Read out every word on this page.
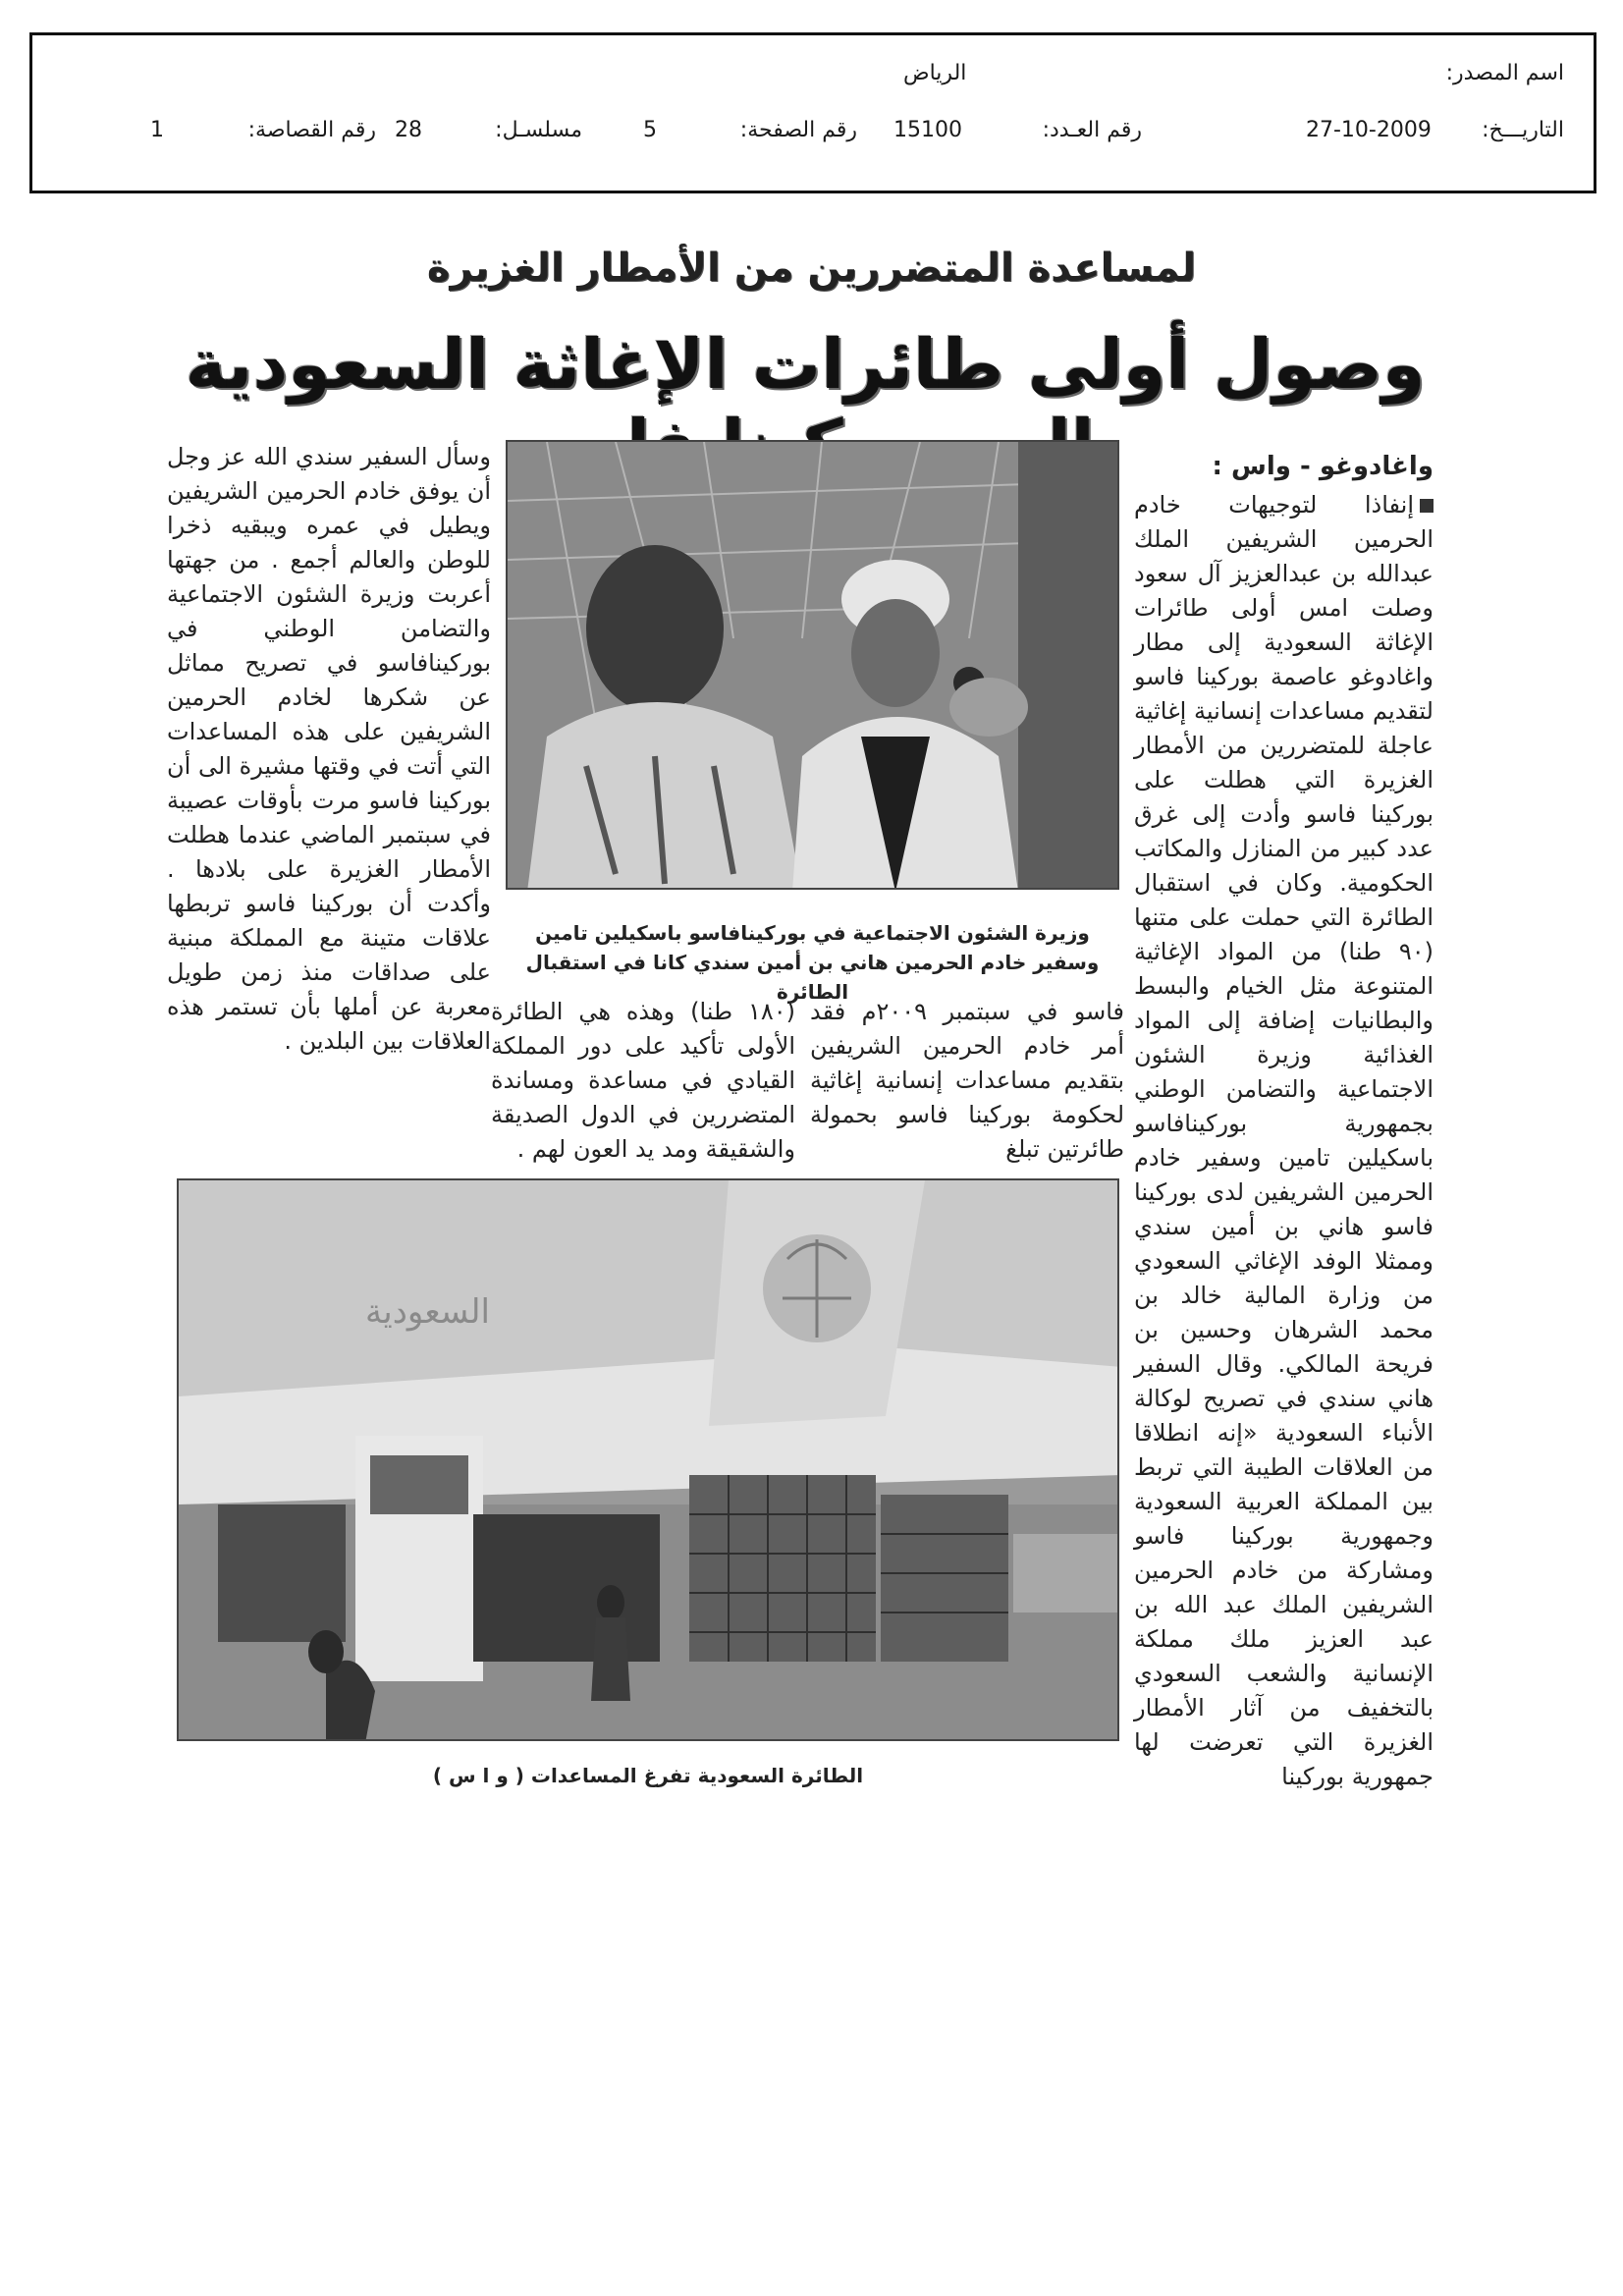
اسم المصدر:
الرياض
التاريـــخ:
27-10-2009
رقم العـدد:
15100
رقم الصفحة:
5
مسلسـل:
28
رقم القصاصة:
1
لمساعدة المتضررين من الأمطار الغزيرة
وصول أولى طائرات الإغاثة السعودية
واغادوغو - واس :
إنفاذا لتوجيهات خادم الحرمين الشريفين الملك عبدالله بن عبدالعزيز آل سعود وصلت امس أولى طائرات الإغاثة السعودية إلى مطار واغادوغو عاصمة بوركينا فاسو لتقديم مساعدات إنسانية إغاثية عاجلة للمتضررين من الأمطار الغزيرة التي هطلت على بوركينا فاسو وأدت إلى غرق عدد كبير من المنازل والمكاتب الحكومية. وكان في استقبال الطائرة التي حملت على متنها (٩٠ طنا) من المواد الإغاثية المتنوعة مثل الخيام والبسط والبطانيات إضافة إلى المواد الغذائية وزيرة الشئون الاجتماعية والتضامن الوطني بجمهورية بوركينافاسو باسكيلين تامين وسفير خادم الحرمين الشريفين لدى بوركينا فاسو هاني بن أمين سندي وممثلا الوفد الإغاثي السعودي من وزارة المالية خالد بن محمد الشرهان وحسين بن فريحة المالكي. وقال السفير هاني سندي في تصريح لوكالة الأنباء السعودية «إنه انطلاقا من العلاقات الطيبة التي تربط بين المملكة العربية السعودية وجمهورية بوركينا فاسو ومشاركة من خادم الحرمين الشريفين الملك عبد الله بن عبد العزيز ملك مملكة الإنسانية والشعب السعودي بالتخفيف من آثار الأمطار الغزيرة التي تعرضت لها جمهورية بوركينا
وزيرة الشئون الاجتماعية في بوركينافاسو باسكيلين تامين وسفير خادم الحرمين هاني بن أمين سندي كانا في استقبال الطائرة
فاسو في سبتمبر ٢٠٠٩م فقد أمر خادم الحرمين الشريفين بتقديم مساعدات إنسانية إغاثية لحكومة بوركينا فاسو بحمولة طائرتين تبلغ
(١٨٠ طنا) وهذه هي الطائرة الأولى تأكيد على دور المملكة القيادي في مساعدة ومساندة المتضررين في الدول الصديقة والشقيقة ومد يد العون لهم .
وسأل السفير سندي الله عز وجل أن يوفق خادم الحرمين الشريفين ويطيل في عمره ويبقيه ذخرا للوطن والعالم أجمع . من جهتها أعربت وزيرة الشئون الاجتماعية والتضامن الوطني في بوركينافاسو في تصريح مماثل عن شكرها لخادم الحرمين الشريفين على هذه المساعدات التي أتت في وقتها مشيرة الى أن بوركينا فاسو مرت بأوقات عصيبة في سبتمبر الماضي عندما هطلت الأمطار الغزيرة على بلادها . وأكدت أن بوركينا فاسو تربطها علاقات متينة مع المملكة مبنية على صداقات منذ زمن طويل معربة عن أملها بأن تستمر هذه العلاقات بين البلدين .
السعودية
الطائرة السعودية تفرغ المساعدات ( و ا س )
